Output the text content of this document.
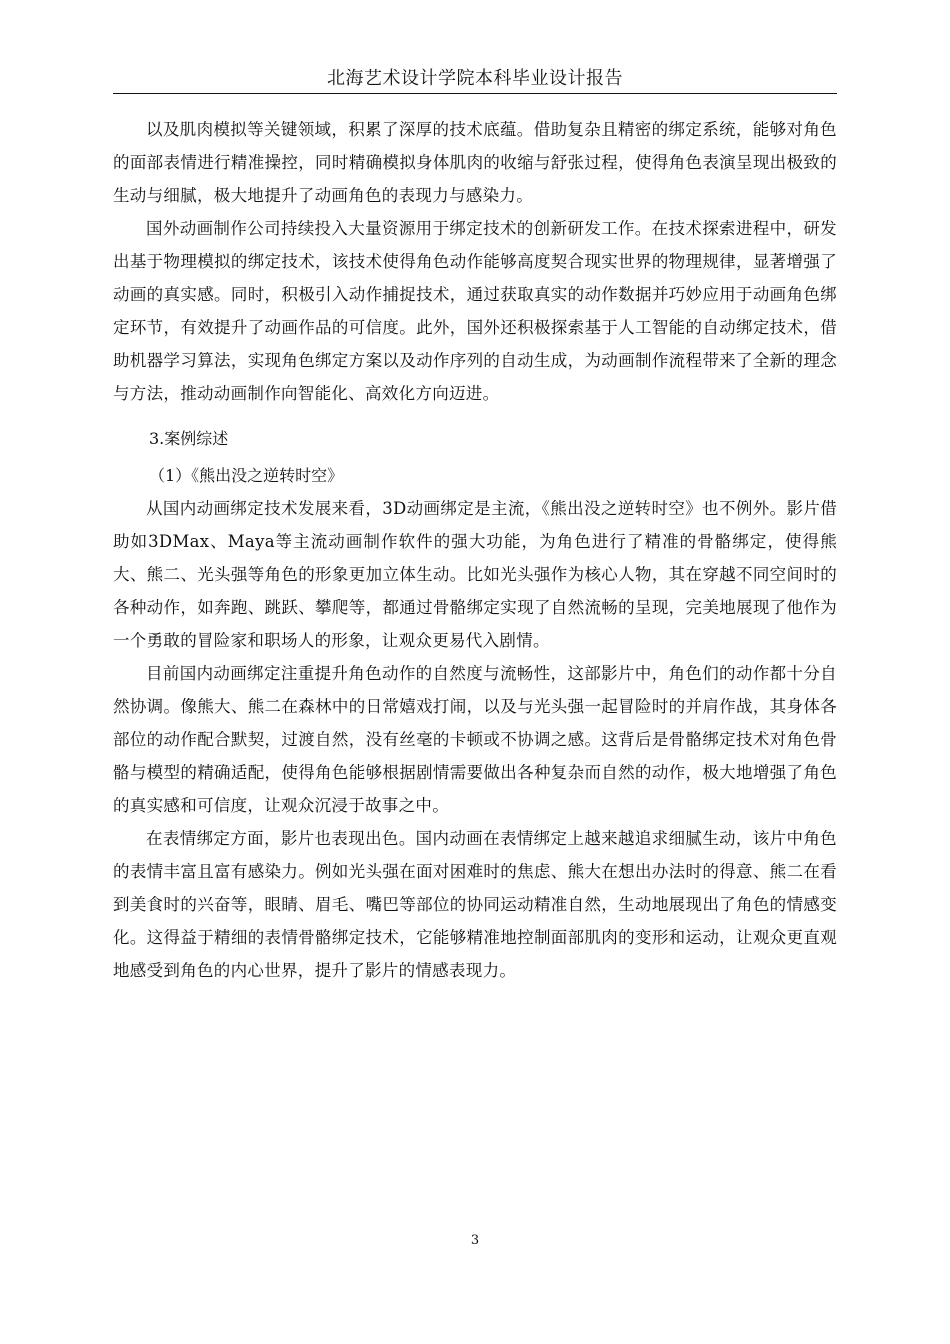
北海艺术设计学院本科毕业设计报告

以及肌肉模拟等关键领域，积累了深厚的技术底蕴。借助复杂且精密的绑定系统，能够对角色的面部表情进行精准操控，同时精确模拟身体肌肉的收缩与舒张过程，使得角色表演呈现出极致的生动与细腻，极大地提升了动画角色的表现力与感染力。

国外动画制作公司持续投入大量资源用于绑定技术的创新研发工作。在技术探索进程中，研发出基于物理模拟的绑定技术，该技术使得角色动作能够高度契合现实世界的物理规律，显著增强了动画的真实感。同时，积极引入动作捕捉技术，通过获取真实的动作数据并巧妙应用于动画角色绑定环节，有效提升了动画作品的可信度。此外，国外还积极探索基于人工智能的自动绑定技术，借助机器学习算法，实现角色绑定方案以及动作序列的自动生成，为动画制作流程带来了全新的理念与方法，推动动画制作向智能化、高效化方向迈进。

3.案例综述
（1）《熊出没之逆转时空》

从国内动画绑定技术发展来看，3D动画绑定是主流，《熊出没之逆转时空》也不例外。影片借助如3DMax、Maya等主流动画制作软件的强大功能，为角色进行了精准的骨骼绑定，使得熊大、熊二、光头强等角色的形象更加立体生动。比如光头强作为核心人物，其在穿越不同空间时的各种动作，如奔跑、跳跃、攀爬等，都通过骨骼绑定实现了自然流畅的呈现，完美地展现了他作为一个勇敢的冒险家和职场人的形象，让观众更易代入剧情。

目前国内动画绑定注重提升角色动作的自然度与流畅性，这部影片中，角色们的动作都十分自然协调。像熊大、熊二在森林中的日常嬉戏打闹，以及与光头强一起冒险时的并肩作战，其身体各部位的动作配合默契，过渡自然，没有丝毫的卡顿或不协调之感。这背后是骨骼绑定技术对角色骨骼与模型的精确适配，使得角色能够根据剧情需要做出各种复杂而自然的动作，极大地增强了角色的真实感和可信度，让观众沉浸于故事之中。

在表情绑定方面，影片也表现出色。国内动画在表情绑定上越来越追求细腻生动，该片中角色的表情丰富且富有感染力。例如光头强在面对困难时的焦虑、熊大在想出办法时的得意、熊二在看到美食时的兴奋等，眼睛、眉毛、嘴巴等部位的协同运动精准自然，生动地展现出了角色的情感变化。这得益于精细的表情骨骼绑定技术，它能够精准地控制面部肌肉的变形和运动，让观众更直观地感受到角色的内心世界，提升了影片的情感表现力。

3
